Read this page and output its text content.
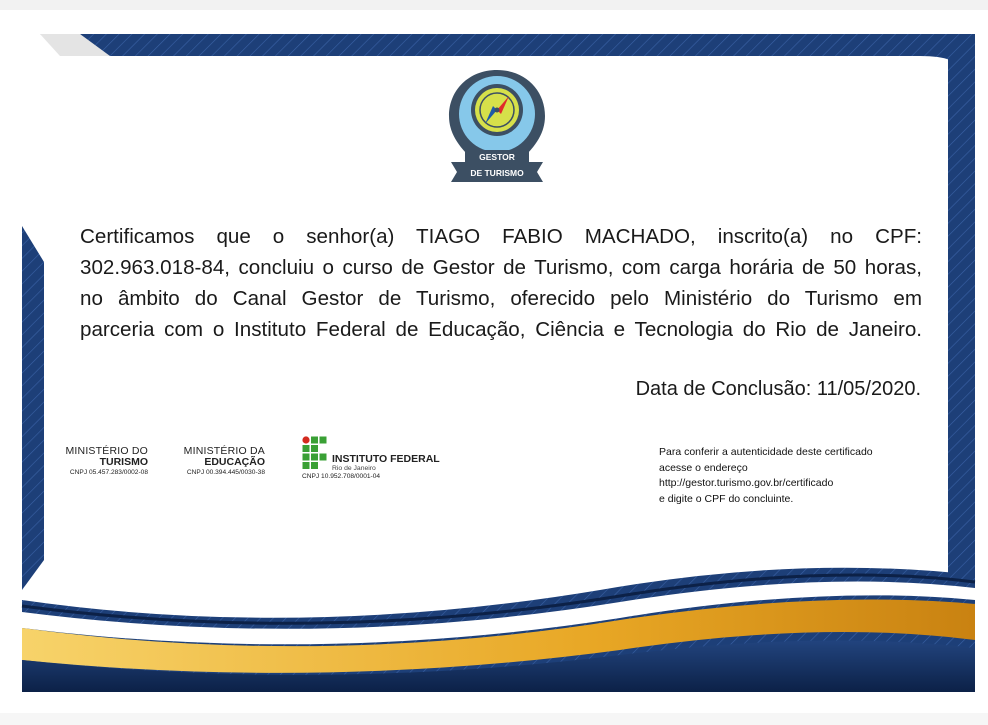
GESTOR
DE TURISMO
Certificamos que o senhor(a) TIAGO FABIO MACHADO, inscrito(a) no CPF:
302.963.018-84, concluiu o curso de Gestor de Turismo, com carga horária de 50 horas,
no âmbito do Canal Gestor de Turismo, oferecido pelo Ministério do Turismo em
parceria com o Instituto Federal de Educação, Ciência e Tecnologia do Rio de Janeiro.
Data de Conclusão: 11/05/2020.
MINISTÉRIO DO
TURISMO
CNPJ 05.457.283/0002-08
MINISTÉRIO DA
EDUCAÇÃO
CNPJ 00.394.445/0030-38
INSTITUTO FEDERAL
Rio de Janeiro
CNPJ 10.952.708/0001-04
Para conferir a autenticidade deste certificado
acesse o endereço
http://gestor.turismo.gov.br/certificado
e digite o CPF do concluinte.
